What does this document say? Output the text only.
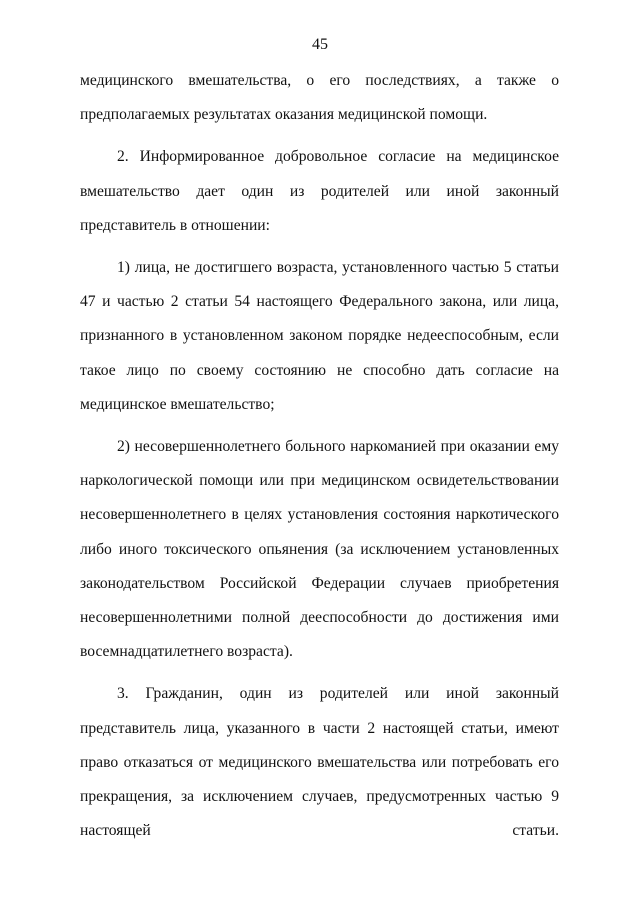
45

медицинского вмешательства, о его последствиях, а также о предполагаемых результатах оказания медицинской помощи.

2. Информированное добровольное согласие на медицинское вмешательство дает один из родителей или иной законный представитель в отношении:

1) лица, не достигшего возраста, установленного частью 5 статьи 47 и частью 2 статьи 54 настоящего Федерального закона, или лица, признанного в установленном законом порядке недееспособным, если такое лицо по своему состоянию не способно дать согласие на медицинское вмешательство;

2) несовершеннолетнего больного наркоманией при оказании ему наркологической помощи или при медицинском освидетельствовании несовершеннолетнего в целях установления состояния наркотического либо иного токсического опьянения (за исключением установленных законодательством Российской Федерации случаев приобретения несовершеннолетними полной дееспособности до достижения ими восемнадцатилетнего возраста).

3. Гражданин, один из родителей или иной законный представитель лица, указанного в части 2 настоящей статьи, имеют право отказаться от медицинского вмешательства или потребовать его прекращения, за исключением случаев, предусмотренных частью 9 настоящей статьи.
